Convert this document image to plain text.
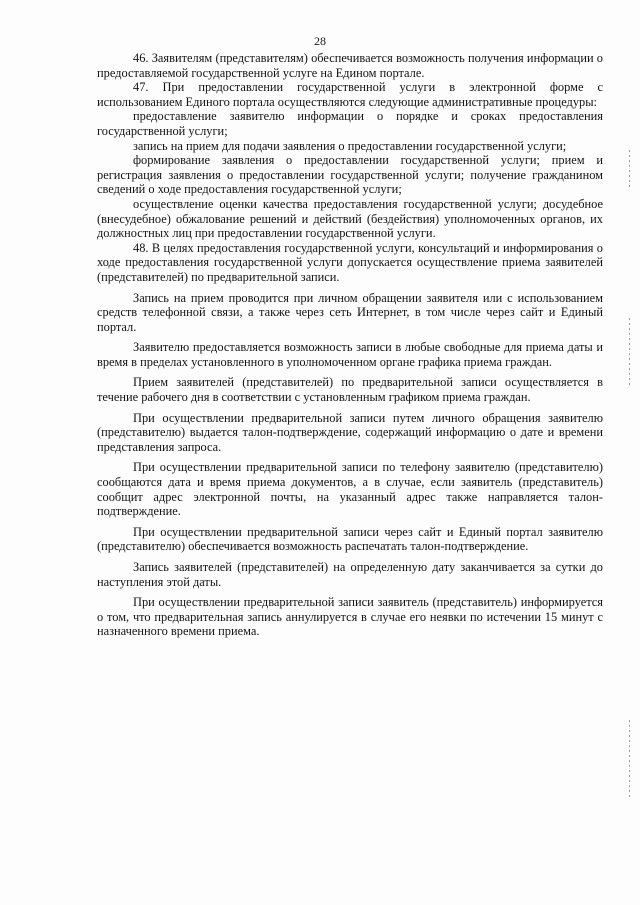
28

46. Заявителям (представителям) обеспечивается возможность получения информации о предоставляемой государственной услуге на Едином портале.

47. При предоставлении государственной услуги в электронной форме с использованием Единого портала осуществляются следующие административные процедуры:

предоставление заявителю информации о порядке и сроках предоставления государственной услуги;

запись на прием для подачи заявления о предоставлении государственной услуги;

формирование заявления о предоставлении государственной услуги; прием и регистрация заявления о предоставлении государственной услуги; получение гражданином сведений о ходе предоставления государственной услуги;

осуществление оценки качества предоставления государственной услуги; досудебное (внесудебное) обжалование решений и действий (бездействия) уполномоченных органов, их должностных лиц при предоставлении государственной услуги.

48. В целях предоставления государственной услуги, консультаций и информирования о ходе предоставления государственной услуги допускается осуществление приема заявителей (представителей) по предварительной записи.

Запись на прием проводится при личном обращении заявителя или с использованием средств телефонной связи, а также через сеть Интернет, в том числе через сайт и Единый портал.

Заявителю предоставляется возможность записи в любые свободные для приема даты и время в пределах установленного в уполномоченном органе графика приема граждан.

Прием заявителей (представителей) по предварительной записи осуществляется в течение рабочего дня в соответствии с установленным графиком приема граждан.

При осуществлении предварительной записи путем личного обращения заявителю (представителю) выдается талон-подтверждение, содержащий информацию о дате и времени представления запроса.

При осуществлении предварительной записи по телефону заявителю (представителю) сообщаются дата и время приема документов, а в случае, если заявитель (представитель) сообщит адрес электронной почты, на указанный адрес также направляется талон-подтверждение.

При осуществлении предварительной записи через сайт и Единый портал заявителю (представителю) обеспечивается возможность распечатать талон-подтверждение.

Запись заявителей (представителей) на определенную дату заканчивается за сутки до наступления этой даты.

При осуществлении предварительной записи заявитель (представитель) информируется о том, что предварительная запись аннулируется в случае его неявки по истечении 15 минут с назначенного времени приема.
